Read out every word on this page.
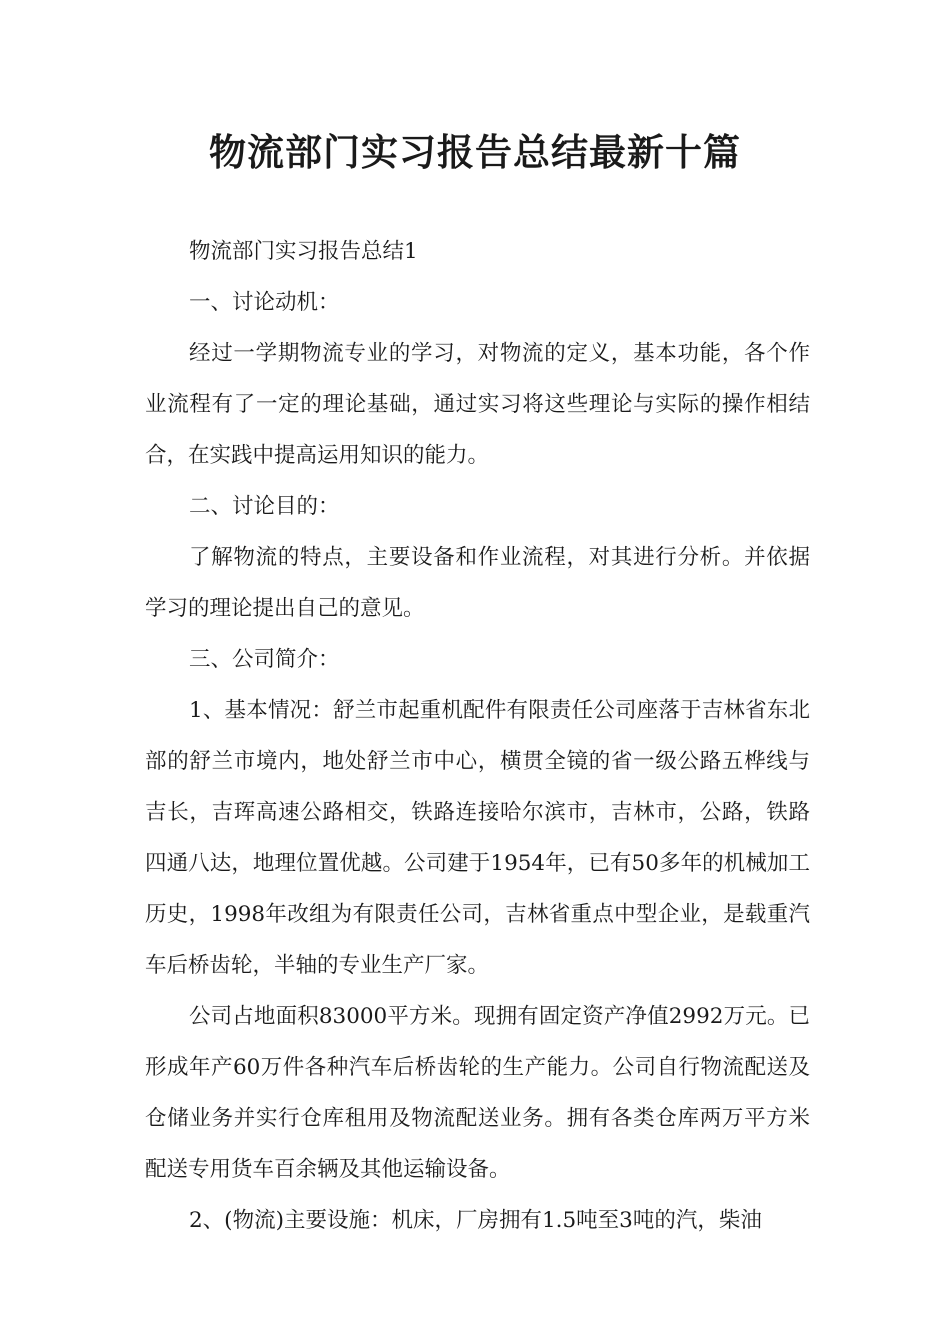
物流部门实习报告总结最新十篇

物流部门实习报告总结1

一、讨论动机：

经过一学期物流专业的学习，对物流的定义，基本功能，各个作业流程有了一定的理论基础，通过实习将这些理论与实际的操作相结合，在实践中提高运用知识的能力。

二、讨论目的：

了解物流的特点，主要设备和作业流程，对其进行分析。并依据学习的理论提出自己的意见。

三、公司简介：

1、基本情况：舒兰市起重机配件有限责任公司座落于吉林省东北部的舒兰市境内，地处舒兰市中心，横贯全镜的省一级公路五桦线与吉长，吉珲高速公路相交，铁路连接哈尔滨市，吉林市，公路，铁路四通八达，地理位置优越。公司建于1954年，已有50多年的机械加工历史，1998年改组为有限责任公司，吉林省重点中型企业，是载重汽车后桥齿轮，半轴的专业生产厂家。

公司占地面积83000平方米。现拥有固定资产净值2992万元。已形成年产60万件各种汽车后桥齿轮的生产能力。公司自行物流配送及仓储业务并实行仓库租用及物流配送业务。拥有各类仓库两万平方米配送专用货车百余辆及其他运输设备。

2、(物流)主要设施：机床，厂房拥有1.5吨至3吨的汽，柴油
